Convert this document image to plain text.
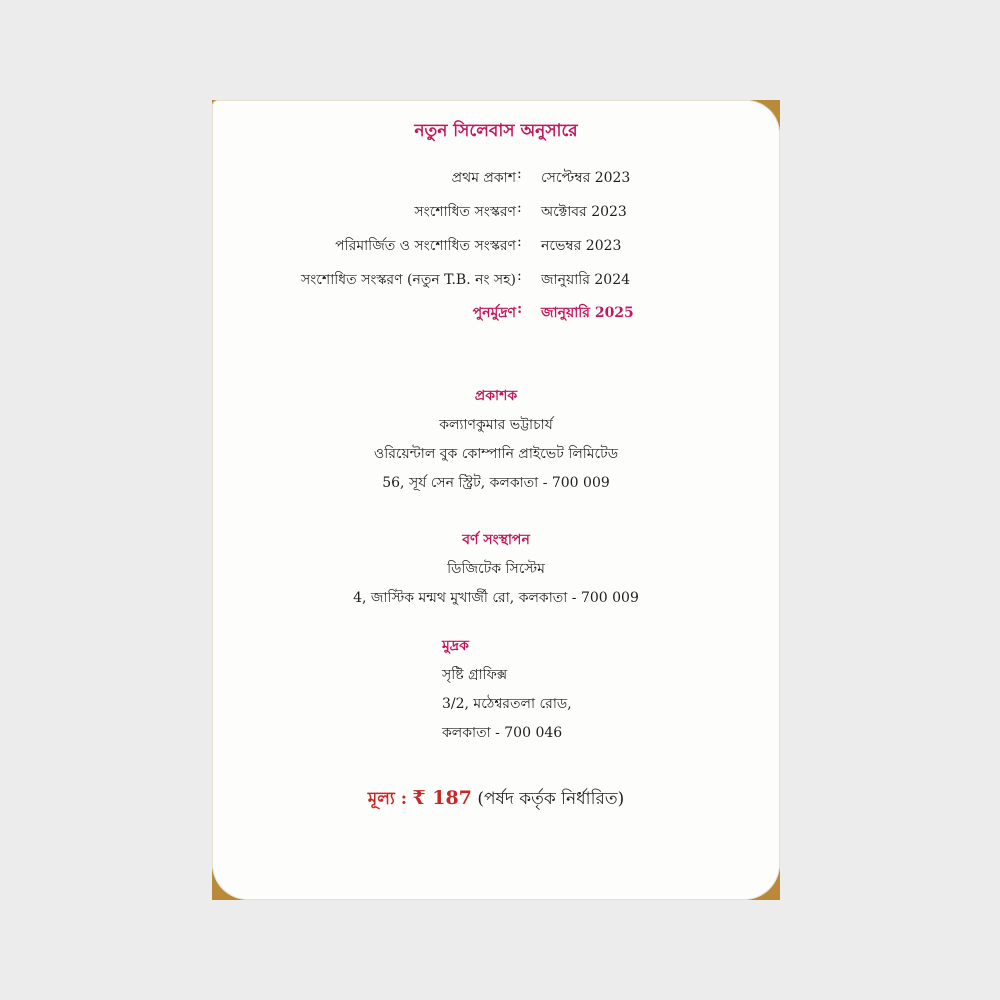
নতুন সিলেবাস অনুসারে
প্রথম প্রকাশ : সেপ্টেম্বর 2023
সংশোধিত সংস্করণ : অক্টোবর 2023
পরিমার্জিত ও সংশোধিত সংস্করণ : নভেম্বর 2023
সংশোধিত সংস্করণ (নতুন T.B. নং সহ) : জানুয়ারি 2024
পুনর্মুদ্রণ : জানুয়ারি 2025
প্রকাশক
কল্যাণকুমার ভট্টাচার্য
ওরিয়েন্টাল বুক কোম্পানি প্রাইভেট লিমিটেড
56, সূর্য সেন স্ট্রিট, কলকাতা - 700 009
বর্ণ সংস্থাপন
ডিজিটেক সিস্টেম
4, জাস্টিক মন্মথ মুখার্জী রো, কলকাতা - 700 009
মুদ্রক
সৃষ্টি গ্রাফিক্স
3/2, মঠেশ্বরতলা রোড,
কলকাতা - 700 046
মূল্য : ₹ 187 (পর্ষদ কর্তৃক নির্ধারিত)
